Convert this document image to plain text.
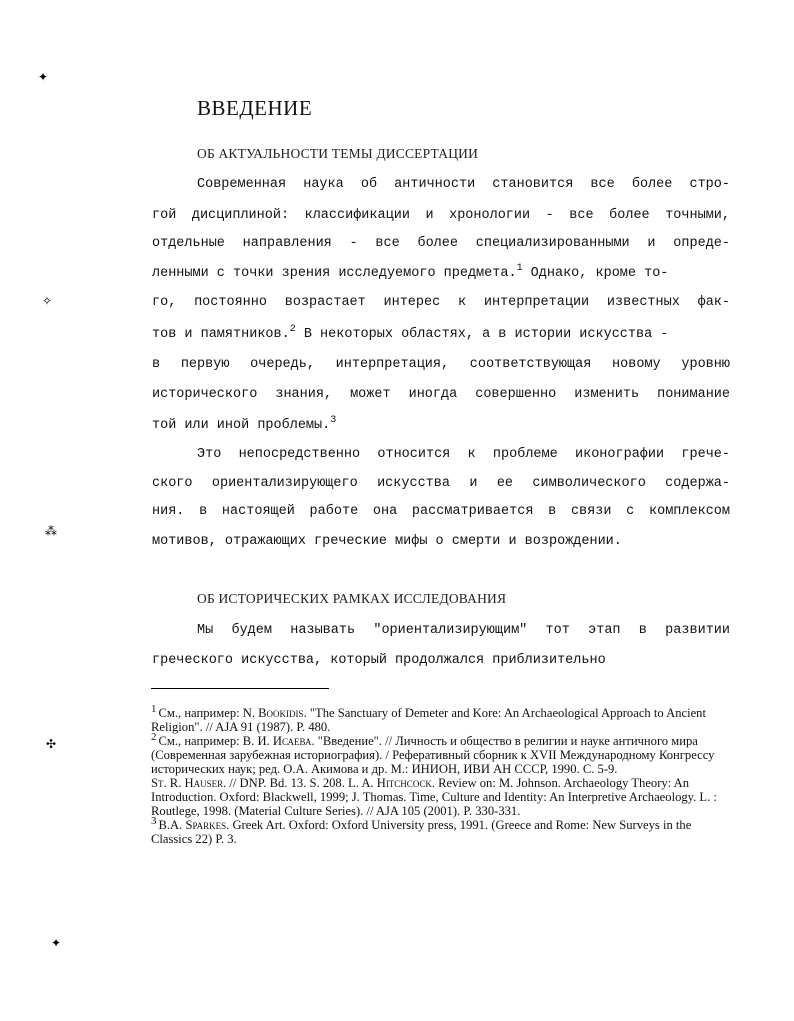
✦
✧
⁂
✣
✦
ВВЕДЕНИЕ
ОБ АКТУАЛЬНОСТИ ТЕМЫ ДИССЕРТАЦИИ
Современная наука об античности становится все более стро-
гой дисциплиной: классификации и хронологии - все более точными,
отдельные направления - все более специализированными и опреде-
ленными с точки зрения исследуемого предмета.$^1$ Однако, кроме то-
го, постоянно возрастает интерес к интерпретации известных фак-
тов и памятников.$^2$ В некоторых областях, а в истории искусства -
в первую очередь, интерпретация, соответствующая новому уровню
исторического знания, может иногда совершенно изменить понимание
той или иной проблемы.$^3$
Это непосредственно относится к проблеме иконографии грече-
ского ориентализирующего искусства и ее символического содержа-
ния. в настоящей работе она рассматривается в связи с комплексом
мотивов, отражающих греческие мифы о смерти и возрождении.
ОБ ИСТОРИЧЕСКИХ РАМКАХ ИССЛЕДОВАНИЯ
Мы будем называть "ориентализирующим" тот этап в развитии
греческого искусства, который продолжался приблизительно

$^1$ См., например: N. Bookidis. "The Sanctuary of Demeter and Kore: An Archaeological Approach to Ancient Religion". // AJA 91 (1987). P. 480.

$^2$ См., например: В. И. Исаева. "Введение". // Личность и общество в религии и науке античного мира (Современная зарубежная историография). / Реферативный сборник к XVII Международному Конгрессу исторических наук; ред. О.А. Акимова и др. М.: ИНИОН, ИВИ АН СССР, 1990. С. 5-9.

St. R. Hauser. // DNP. Bd. 13. S. 208. L. A. Hitchcock. Review on: M. Johnson. Archaeology Theory: An Introduction. Oxford: Blackwell, 1999; J. Thomas. Time, Culture and Identity: An Interpretive Archaeology. L. : Routlege, 1998. (Material Culture Series). // AJA 105 (2001). P. 330-331.

$^3$ B.A. Sparkes. Greek Art. Oxford: Oxford University press, 1991. (Greece and Rome: New Surveys in the Classics 22) P. 3.
